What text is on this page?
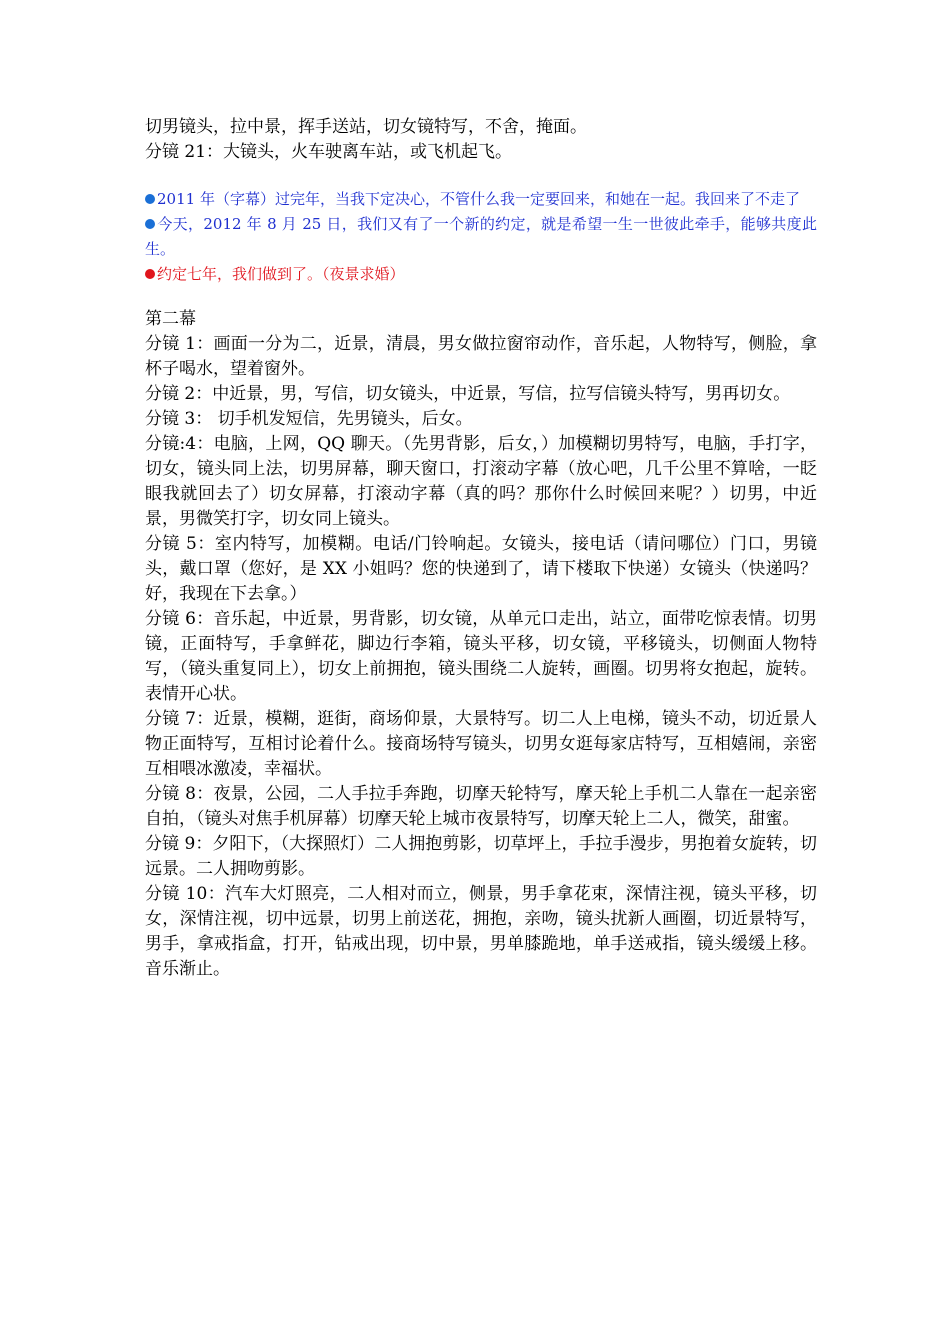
切男镜头，拉中景，挥手送站，切女镜特写，不舍，掩面。

分镜 21：大镜头，火车驶离车站，或飞机起飞。

2011 年（字幕）过完年，当我下定决心，不管什么我一定要回来，和她在一起。我回来了不走了

今天，2012 年 8 月 25 日，我们又有了一个新的约定，就是希望一生一世彼此牵手，能够共度此生。

约定七年，我们做到了。（夜景求婚）

第二幕

分镜 1：画面一分为二，近景，清晨，男女做拉窗帘动作，音乐起，人物特写，侧脸，拿杯子喝水，望着窗外。

分镜 2：中近景，男，写信，切女镜头，中近景，写信，拉写信镜头特写，男再切女。

分镜 3： 切手机发短信，先男镜头，后女。

分镜:4：电脑，上网，QQ 聊天。（先男背影，后女，）加模糊切男特写，电脑，手打字，切女，镜头同上法，切男屏幕，聊天窗口，打滚动字幕（放心吧，几千公里不算啥，一眨眼我就回去了）切女屏幕，打滚动字幕（真的吗？那你什么时候回来呢？）切男，中近景，男微笑打字，切女同上镜头。

分镜 5：室内特写，加模糊。电话/门铃响起。女镜头，接电话（请问哪位）门口，男镜头，戴口罩（您好，是 XX 小姐吗？您的快递到了，请下楼取下快递）女镜头（快递吗？好，我现在下去拿。）

分镜 6：音乐起，中近景，男背影，切女镜，从单元口走出，站立，面带吃惊表情。切男镜，正面特写，手拿鲜花，脚边行李箱，镜头平移，切女镜，平移镜头，切侧面人物特写，（镜头重复同上），切女上前拥抱，镜头围绕二人旋转，画圈。切男将女抱起，旋转。表情开心状。

分镜 7：近景，模糊，逛街，商场仰景，大景特写。切二人上电梯，镜头不动，切近景人物正面特写，互相讨论着什么。接商场特写镜头，切男女逛每家店特写，互相嬉闹，亲密互相喂冰激凌，幸福状。

分镜 8：夜景，公园，二人手拉手奔跑，切摩天轮特写，摩天轮上手机二人靠在一起亲密自拍，（镜头对焦手机屏幕）切摩天轮上城市夜景特写，切摩天轮上二人，微笑，甜蜜。

分镜 9：夕阳下，（大探照灯）二人拥抱剪影，切草坪上，手拉手漫步，男抱着女旋转，切远景。二人拥吻剪影。

分镜 10：汽车大灯照亮，二人相对而立，侧景，男手拿花束，深情注视，镜头平移，切女，深情注视，切中远景，切男上前送花，拥抱，亲吻，镜头扰新人画圈，切近景特写，男手，拿戒指盒，打开，钻戒出现，切中景，男单膝跪地，单手送戒指，镜头缓缓上移。音乐渐止。
